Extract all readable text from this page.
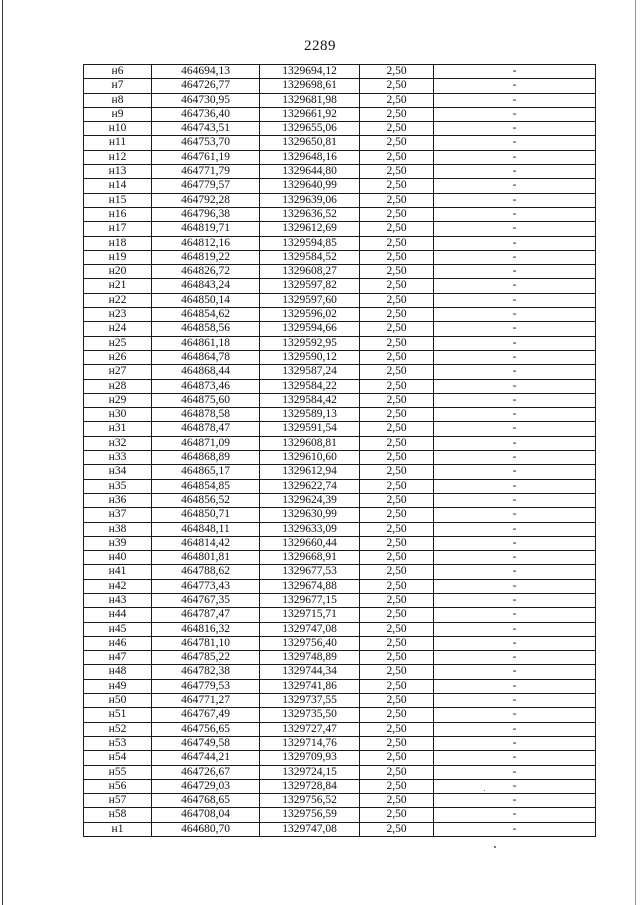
2289
н6	464694,13	1329694,12	2,50	-
н7	464726,77	1329698,61	2,50	-
н8	464730,95	1329681,98	2,50	-
н9	464736,40	1329661,92	2,50	-
н10	464743,51	1329655,06	2,50	-
н11	464753,70	1329650,81	2,50	-
н12	464761,19	1329648,16	2,50	-
н13	464771,79	1329644,80	2,50	-
н14	464779,57	1329640,99	2,50	-
н15	464792,28	1329639,06	2,50	-
н16	464796,38	1329636,52	2,50	-
н17	464819,71	1329612,69	2,50	-
н18	464812,16	1329594,85	2,50	-
н19	464819,22	1329584,52	2,50	-
н20	464826,72	1329608,27	2,50	-
н21	464843,24	1329597,82	2,50	-
н22	464850,14	1329597,60	2,50	-
н23	464854,62	1329596,02	2,50	-
н24	464858,56	1329594,66	2,50	-
н25	464861,18	1329592,95	2,50	-
н26	464864,78	1329590,12	2,50	-
н27	464868,44	1329587,24	2,50	-
н28	464873,46	1329584,22	2,50	-
н29	464875,60	1329584,42	2,50	-
н30	464878,58	1329589,13	2,50	-
н31	464878,47	1329591,54	2,50	-
н32	464871,09	1329608,81	2,50	-
н33	464868,89	1329610,60	2,50	-
н34	464865,17	1329612,94	2,50	-
н35	464854,85	1329622,74	2,50	-
н36	464856,52	1329624,39	2,50	-
н37	464850,71	1329630,99	2,50	-
н38	464848,11	1329633,09	2,50	-
н39	464814,42	1329660,44	2,50	-
н40	464801,81	1329668,91	2,50	-
н41	464788,62	1329677,53	2,50	-
н42	464773,43	1329674,88	2,50	-
н43	464767,35	1329677,15	2,50	-
н44	464787,47	1329715,71	2,50	-
н45	464816,32	1329747,08	2,50	-
н46	464781,10	1329756,40	2,50	-
н47	464785,22	1329748,89	2,50	-
н48	464782,38	1329744,34	2,50	-
н49	464779,53	1329741,86	2,50	-
н50	464771,27	1329737,55	2,50	-
н51	464767,49	1329735,50	2,50	-
н52	464756,65	1329727,47	2,50	-
н53	464749,58	1329714,76	2,50	-
н54	464744,21	1329709,93	2,50	-
н55	464726,67	1329724,15	2,50	-
н56	464729,03	1329728,84	2,50	-
н57	464768,65	1329756,52	2,50	-
н58	464708,04	1329756,59	2,50	-
н1	464680,70	1329747,08	2,50	-
